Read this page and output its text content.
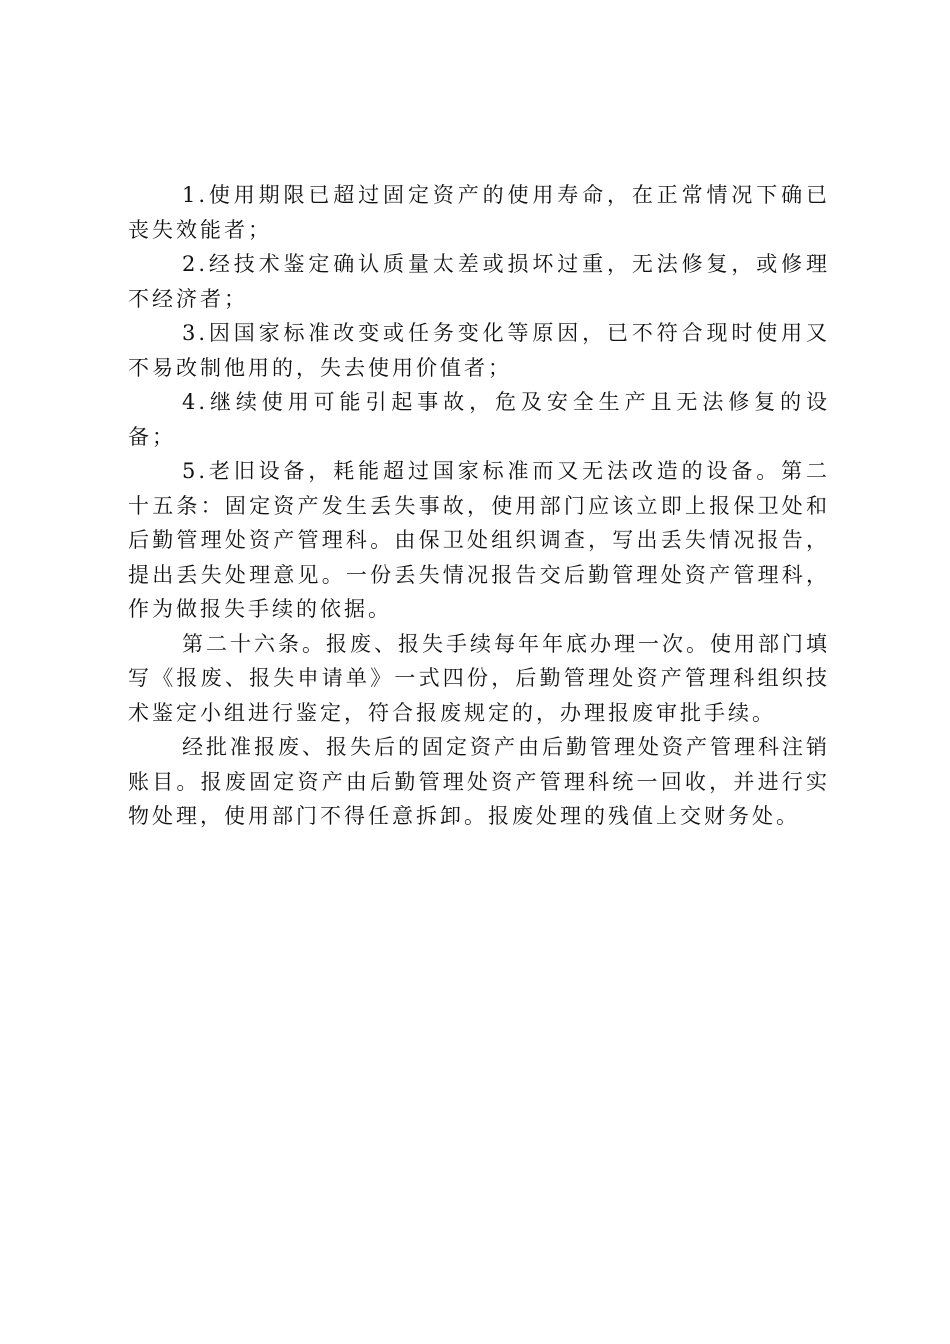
1.使用期限已超过固定资产的使用寿命，在正常情况下确已丧失效能者；

2.经技术鉴定确认质量太差或损坏过重，无法修复，或修理不经济者；

3.因国家标准改变或任务变化等原因，已不符合现时使用又不易改制他用的，失去使用价值者；

4.继续使用可能引起事故，危及安全生产且无法修复的设备；

5.老旧设备，耗能超过国家标准而又无法改造的设备。第二十五条：固定资产发生丢失事故，使用部门应该立即上报保卫处和后勤管理处资产管理科。由保卫处组织调查，写出丢失情况报告，提出丢失处理意见。一份丢失情况报告交后勤管理处资产管理科，作为做报失手续的依据。

第二十六条。报废、报失手续每年年底办理一次。使用部门填写《报废、报失申请单》一式四份，后勤管理处资产管理科组织技术鉴定小组进行鉴定，符合报废规定的，办理报废审批手续。

经批准报废、报失后的固定资产由后勤管理处资产管理科注销账目。报废固定资产由后勤管理处资产管理科统一回收，并进行实物处理，使用部门不得任意拆卸。报废处理的残值上交财务处。
